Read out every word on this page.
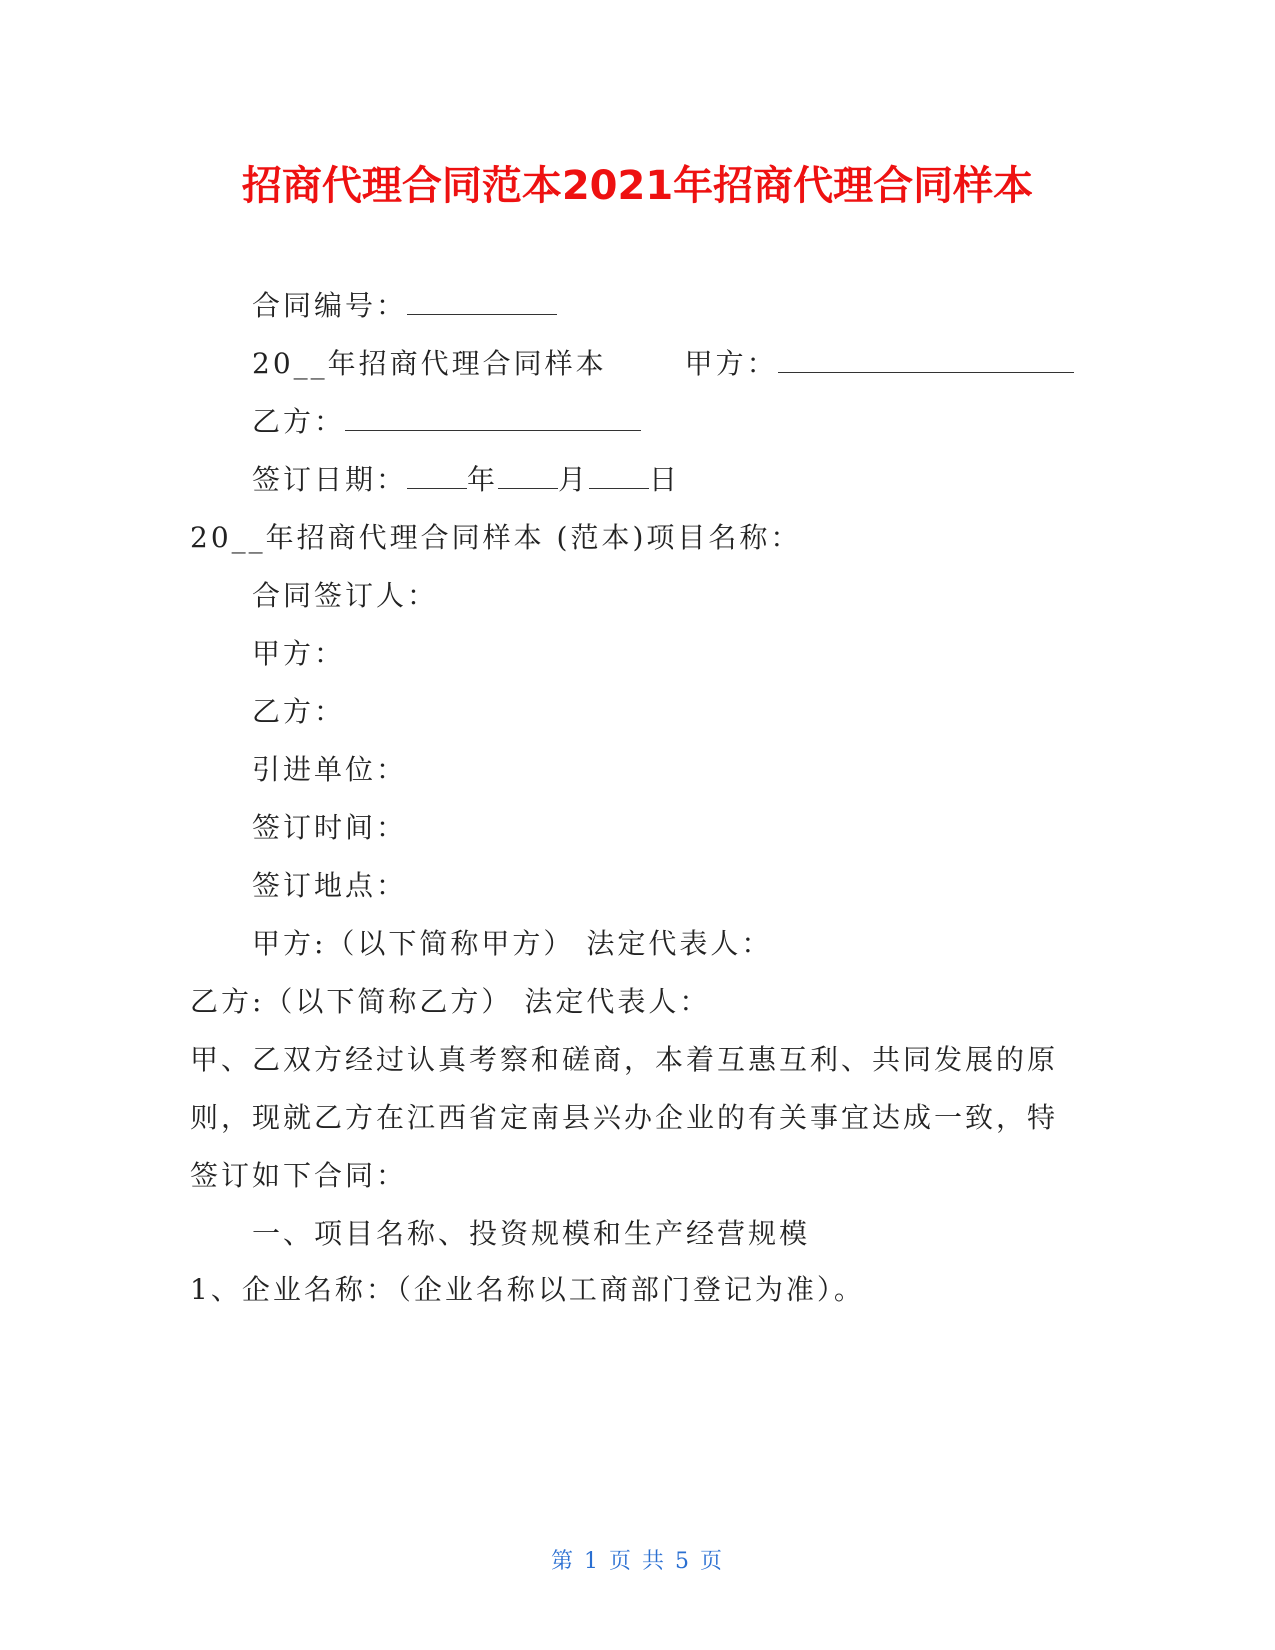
招商代理合同范本2021年招商代理合同样本
合同编号：
20__年招商代理合同样本	甲方：
乙方：
签订日期： 年 月 日
20__年招商代理合同样本 (范本)项目名称：
合同签订人：
甲方：
乙方：
引进单位：
签订时间：
签订地点：
甲方:（以下简称甲方） 法定代表人：
乙方:（以下简称乙方） 法定代表人：
甲、乙双方经过认真考察和磋商，本着互惠互利、共同发展的原
则，现就乙方在江西省定南县兴办企业的有关事宜达成一致，特
签订如下合同：
一、项目名称、投资规模和生产经营规模
1、企业名称：（企业名称以工商部门登记为准）。
第 1 页 共 5 页
